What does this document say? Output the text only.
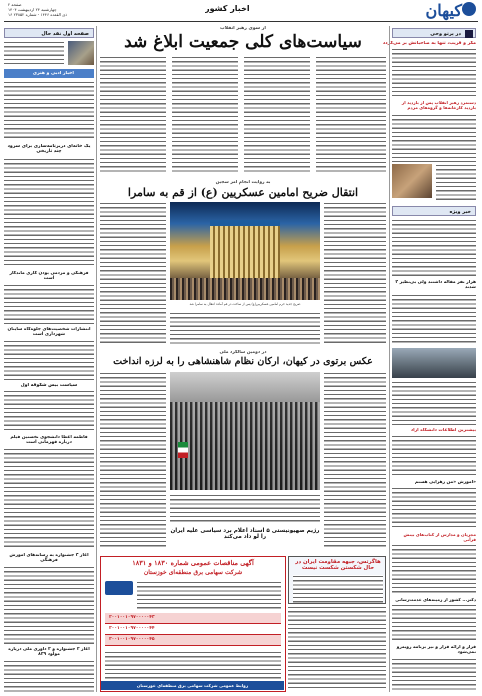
کیهان
اخبار کشور
صفحه ۲
چهارشنبه ۲۴ اردیبهشت ۱۴۰۴
۱۶ ذی القعده ۱۴۴۶ - شماره ۲۳۸۵۲
در پرتو وحی
مکر و فریب، تنها به صاحبانش بر می‌گردد
دستمزد رهبر انقلاب پس از بازدید از بازدید کارخانه‌ها و گروه‌های مردم
خبر ویژه
۲ هزار نفر مقاله داشتند ولی بی‌نظیر شدند
بیشترین اطلاعات دانشگاه آزاد
آموزش «من زهرایی هستم»
مجریان و مدارس از کتاب‌های بینش قرآنی
دکتر... کشور از زمینه‌های خدمت‌رسانی
قرار و ارائه قرار و نیز برنامه روبه‌رو نمی‌شود
صفحه اول نقد حال
اخبار ادبی و هنری
یک خانه‌ای دربرنامه‌سازی برای سرود چند تاریخی
فرهنگی و مردمی بودن کاری ماندگار است
انتشارات شخصیت‌های جلوه‌گاه ساینان شهرداری است
سیاست بیس شکوفه اول
فاطمه اعطا دانشجوی نخستین فیلم درباره قهرمانی است
آغاز ۳ جشنواره به رسانه‌های آموزش فرهنگی
آغاز ۲ جشنواره و ۲ داوری ملی درباره مولود ۸۲۹
از سوی رهبر انقلاب
سیاست‌های کلی جمعیت ابلاغ شد
به روایت انجام امر سجین
انتقال ضریح امامین عسکریین (ع) از قم به سامرا
ضریح جدید حرم امامین عسکریین(ع) پس از ساخت در قم آماده انتقال به سامرا شد
در دومین سالگرد ملی
عکس برتوی در کیهان، ارکان نظام شاهنشاهی را به لرزه انداخت
رژیم صهیونیستی ۵ اسناد اعلام برد سیاسی علیه ایران را لو داد می‌کند
هاگرتس، جبهه مقاومت ایران در حال شکستن شکست نیست
آگهی مناقصات عمومی شماره ۱۸۳۰ و ۱۸۳۱
شرکت سهامی برق منطقه‌ای خوزستان
۲۰۰۱۰۰۱۰۹۷۰۰۰۰۰۴۳
۲۰۰۱۰۰۱۰۹۷۰۰۰۰۰۴۴
۲۰۰۱۰۰۱۰۹۷۰۰۰۰۰۴۵
روابط عمومی شرکت سهامی برق منطقه‌ای خوزستان
